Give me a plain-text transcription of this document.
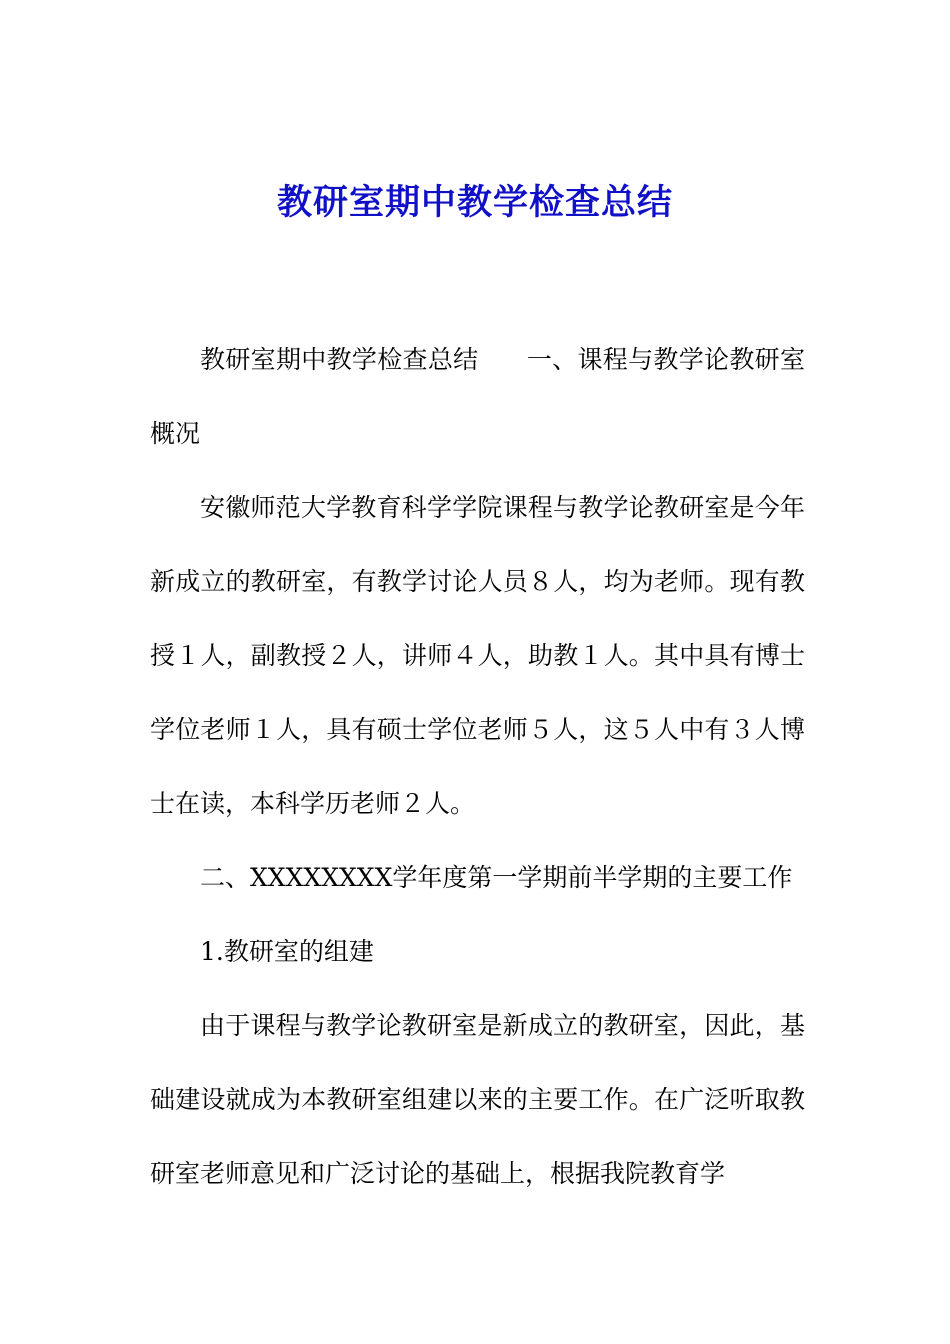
教研室期中教学检查总结

教研室期中教学检查总结 一、课程与教学论教研室概况

安徽师范大学教育科学学院课程与教学论教研室是今年新成立的教研室，有教学讨论人员８人，均为老师。现有教授１人，副教授２人，讲师４人，助教１人。其中具有博士学位老师１人，具有硕士学位老师５人，这５人中有３人博士在读，本科学历老师２人。

二、XXXXXXXX学年度第一学期前半学期的主要工作

1.教研室的组建

由于课程与教学论教研室是新成立的教研室，因此，基础建设就成为本教研室组建以来的主要工作。在广泛听取教研室老师意见和广泛讨论的基础上，根据我院教育学
